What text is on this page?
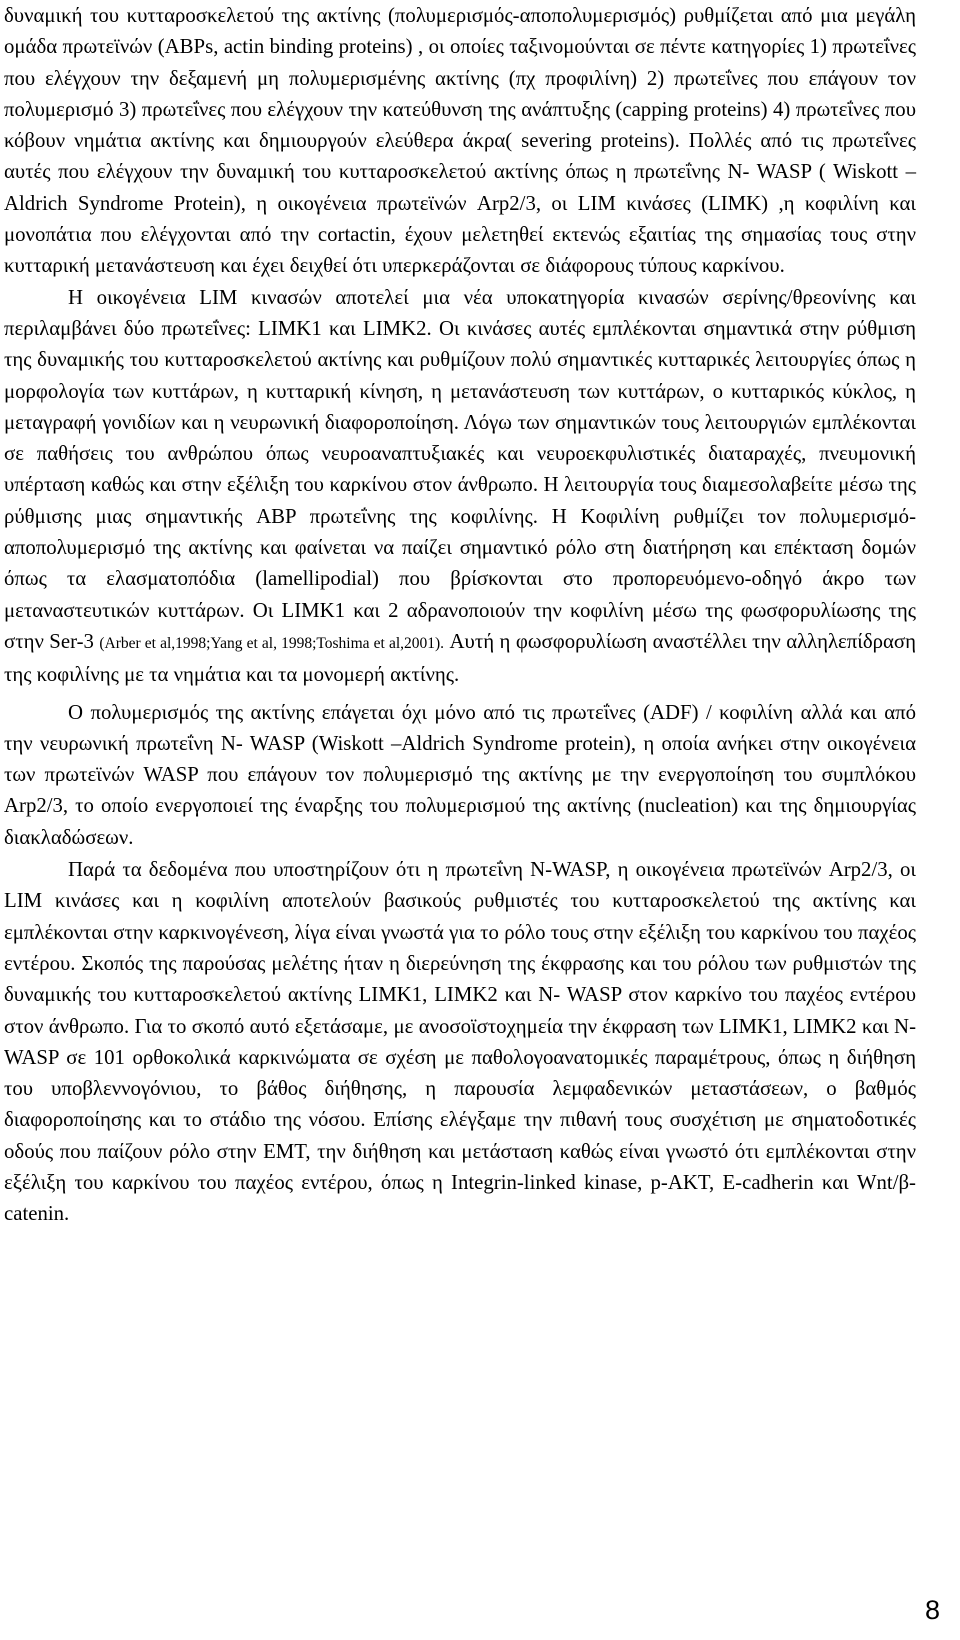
δυναμική του κυτταροσκελετού της ακτίνης (πολυμερισμός-αποπολυμερισμός) ρυθμίζεται από μια μεγάλη ομάδα πρωτεϊνών (ABPs, actin binding proteins) , οι οποίες ταξινομούνται σε πέντε κατηγορίες 1) πρωτεΐνες που ελέγχουν την δεξαμενή μη πολυμερισμένης ακτίνης (πχ προφιλίνη) 2) πρωτεΐνες που επάγουν τον πολυμερισμό 3) πρωτεΐνες που ελέγχουν την κατεύθυνση της ανάπτυξης (capping proteins) 4) πρωτεΐνες που κόβουν νημάτια ακτίνης και δημιουργούν ελεύθερα άκρα( severing proteins). Πολλές από τις πρωτεΐνες αυτές που ελέγχουν την δυναμική του κυτταροσκελετού ακτίνης όπως η πρωτεΐνης N- WASP ( Wiskott –Aldrich Syndrome Protein), η οικογένεια πρωτεϊνών Arp2/3, οι LIM κινάσες (LIMK) ,η κοφιλίνη και μονοπάτια που ελέγχονται από την cortactin, έχουν μελετηθεί εκτενώς εξαιτίας της σημασίας τους στην κυτταρική μετανάστευση και έχει δειχθεί ότι υπερκεράζονται σε διάφορους τύπους καρκίνου.

Η οικογένεια LIM κινασών αποτελεί μια νέα υποκατηγορία κινασών σερίνης/θρεονίνης και περιλαμβάνει δύο πρωτεΐνες: LIMK1 και LIMK2. Οι κινάσες αυτές εμπλέκονται σημαντικά στην ρύθμιση της δυναμικής του κυτταροσκελετού ακτίνης και ρυθμίζουν πολύ σημαντικές κυτταρικές λειτουργίες όπως η μορφολογία των κυττάρων, η κυτταρική κίνηση, η μετανάστευση των κυττάρων, ο κυτταρικός κύκλος, η μεταγραφή γονιδίων και η νευρωνική διαφοροποίηση. Λόγω των σημαντικών τους λειτουργιών εμπλέκονται σε παθήσεις του ανθρώπου όπως νευροαναπτυξιακές και νευροεκφυλιστικές διαταραχές, πνευμονική υπέρταση καθώς και στην εξέλιξη του καρκίνου στον άνθρωπο. Η λειτουργία τους διαμεσολαβείτε μέσω της ρύθμισης μιας σημαντικής ABP πρωτεΐνης της κοφιλίνης. Η Κοφιλίνη ρυθμίζει τον πολυμερισμό-αποπολυμερισμό της ακτίνης και φαίνεται να παίζει σημαντικό ρόλο στη διατήρηση και επέκταση δομών όπως τα ελασματοπόδια (lamellipodial) που βρίσκονται στο προπορευόμενο-οδηγό άκρο των μεταναστευτικών κυττάρων. Οι LIMK1 και 2 αδρανοποιούν την κοφιλίνη μέσω της φωσφορυλίωσης της στην Ser-3 (Arber et al,1998;Yang et al, 1998;Toshima et al,2001). Αυτή η φωσφορυλίωση αναστέλλει την αλληλεπίδραση της κοφιλίνης με τα νημάτια και τα μονομερή ακτίνης.

Ο πολυμερισμός της ακτίνης επάγεται όχι μόνο από τις πρωτεΐνες (ADF) / κοφιλίνη αλλά και από την νευρωνική πρωτεΐνη N- WASP (Wiskott –Aldrich Syndrome protein), η οποία ανήκει στην οικογένεια των πρωτεϊνών WASP που επάγουν τον πολυμερισμό της ακτίνης με την ενεργοποίηση του συμπλόκου Arp2/3, το οποίο ενεργοποιεί της έναρξης του πολυμερισμού της ακτίνης (nucleation) και της δημιουργίας διακλαδώσεων.

Παρά τα δεδομένα που υποστηρίζουν ότι η πρωτεΐνη N-WASP, η οικογένεια πρωτεϊνών Arp2/3, οι LIM κινάσες και η κοφιλίνη αποτελούν βασικούς ρυθμιστές του κυτταροσκελετού της ακτίνης και εμπλέκονται στην καρκινογένεση, λίγα είναι γνωστά για το ρόλο τους στην εξέλιξη του καρκίνου του παχέος εντέρου. Σκοπός της παρούσας μελέτης ήταν η διερεύνηση της έκφρασης και του ρόλου των ρυθμιστών της δυναμικής του κυτταροσκελετού ακτίνης LIMK1, LIMK2 και N- WASP στον καρκίνο του παχέος εντέρου στον άνθρωπο. Για το σκοπό αυτό εξετάσαμε, με ανοσοϊστοχημεία την έκφραση των LIMK1, LIMK2 και N- WASP σε 101 ορθοκολικά καρκινώματα σε σχέση με παθολογοανατομικές παραμέτρους, όπως η διήθηση του υποβλεννογόνιου, το βάθος διήθησης, η παρουσία λεμφαδενικών μεταστάσεων, ο βαθμός διαφοροποίησης και το στάδιο της νόσου. Επίσης ελέγξαμε την πιθανή τους συσχέτιση με σηματοδοτικές οδούς που παίζουν ρόλο στην EMT, την διήθηση και μετάσταση καθώς είναι γνωστό ότι εμπλέκονται στην εξέλιξη του καρκίνου του παχέος εντέρου, όπως η Integrin-linked kinase, p-AKT, E-cadherin και Wnt/β-catenin.

8
